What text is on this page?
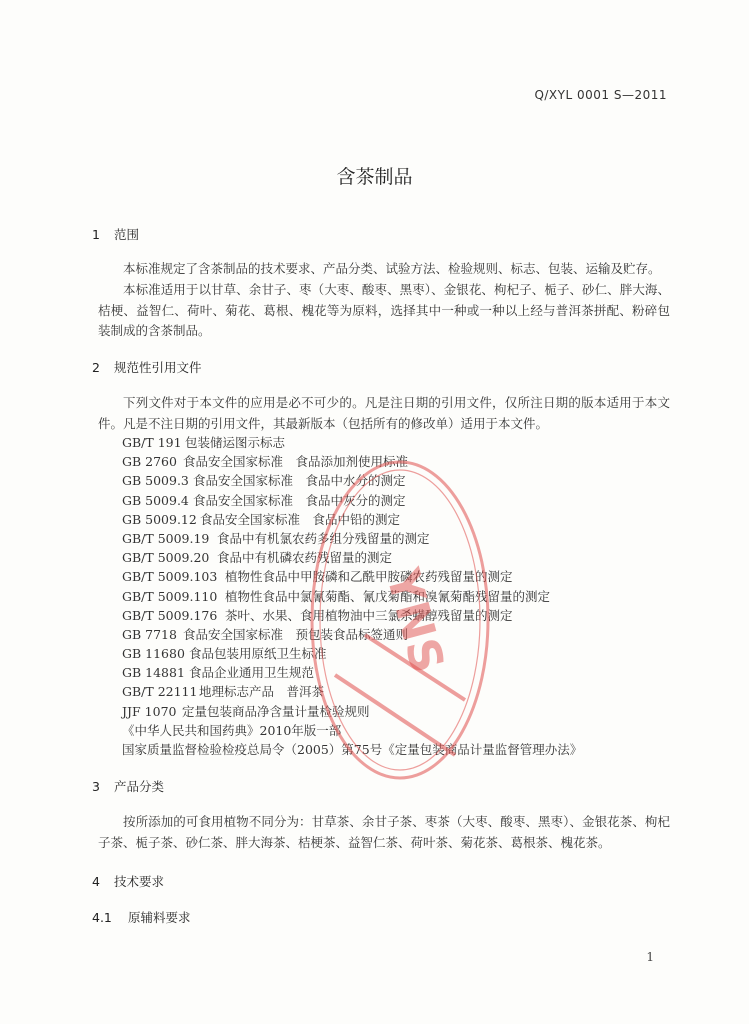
Q/XYL 0001 S—2011
含茶制品
1 范围
本标准规定了含茶制品的技术要求、产品分类、试验方法、检验规则、标志、包装、运输及贮存。
本标准适用于以甘草、余甘子、枣（大枣、酸枣、黑枣）、金银花、枸杞子、栀子、砂仁、胖大海、桔梗、益智仁、荷叶、菊花、葛根、槐花等为原料，选择其中一种或一种以上经与普洱茶拼配、粉碎包装制成的含茶制品。
2 规范性引用文件
下列文件对于本文件的应用是必不可少的。凡是注日期的引用文件，仅所注日期的版本适用于本文件。凡是不注日期的引用文件，其最新版本（包括所有的修改单）适用于本文件。
GB/T 191 包装储运图示标志
GB 2760 食品安全国家标准　食品添加剂使用标准
GB 5009.3 食品安全国家标准　食品中水分的测定
GB 5009.4 食品安全国家标准　食品中灰分的测定
GB 5009.12 食品安全国家标准　食品中铅的测定
GB/T 5009.19 食品中有机氯农药多组分残留量的测定
GB/T 5009.20 食品中有机磷农药残留量的测定
GB/T 5009.103 植物性食品中甲胺磷和乙酰甲胺磷农药残留量的测定
GB/T 5009.110 植物性食品中氯氰菊酯、氰戊菊酯和溴氰菊酯残留量的测定
GB/T 5009.176 茶叶、水果、食用植物油中三氯杀螨醇残留量的测定
GB 7718 食品安全国家标准　预包装食品标签通则
GB 11680 食品包装用原纸卫生标准
GB 14881 食品企业通用卫生规范
GB/T 22111 地理标志产品　普洱茶
JJF 1070 定量包装商品净含量计量检验规则
《中华人民共和国药典》2010年版一部
国家质量监督检验检疫总局令（2005）第75号《定量包装商品计量监督管理办法》
3 产品分类
按所添加的可食用植物不同分为：甘草茶、余甘子茶、枣茶（大枣、酸枣、黑枣）、金银花茶、枸杞子茶、栀子茶、砂仁茶、胖大海茶、桔梗茶、益智仁茶、荷叶茶、菊花茶、葛根茶、槐花茶。
4 技术要求
4.1 原辅料要求
1
YNS
